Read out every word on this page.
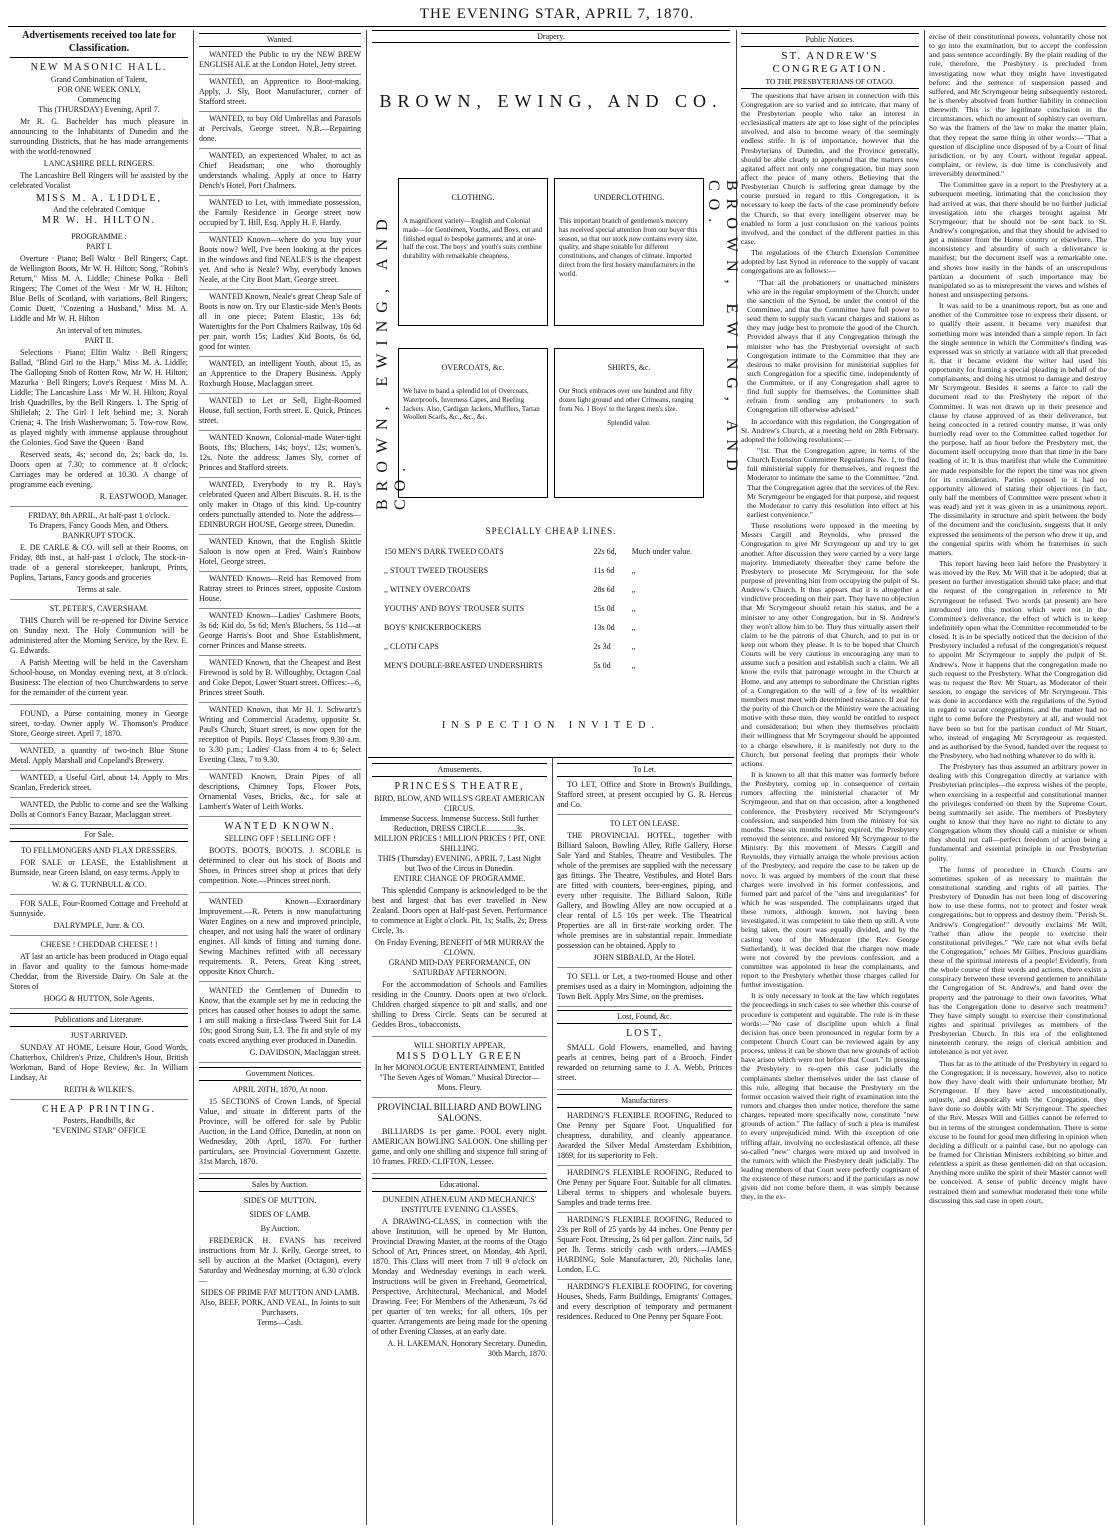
THE EVENING STAR, APRIL 7, 1870.
Advertisements received too late for Classification.
NEW MASONIC HALL.
Grand Combination of Talent,
FOR ONE WEEK ONLY,
Commencing
This (THURSDAY) Evening, April 7.
Mr R. G. Bachelder has much pleasure in announcing to the Inhabitants of Dunedin and the surrounding Districts, that he has made arrangements with the world-renowned
LANCASHIRE BELL RINGERS.
The Lancashire Bell Ringers will be assisted by the celebrated Vocalist
MISS M. A. LIDDLE,
And the celebrated Comique
MR W. H. HILTON.
PROGRAMME :
PART I.
Overture · Piano; Bell Waltz · Bell Ringers; Capt. de Wellington Boots, Mr W. H. Hilton; Song, "Robin's Return," Miss M. A. Liddle; Chinese Polka · Bell Ringers; The Comet of the West · Mr W. H. Hilton; Blue Bells of Scotland, with variations, Bell Ringers; Comic Duett, "Cozening a Husband," Miss M. A. Liddle and Mr W. H. Hilton
An interval of ten minutes.
PART II.
Selections · Piano; Elfin Waltz · Bell Ringers; Ballad, "Blind Girl to the Harp," Miss M. A. Liddle; The Galloping Snob of Rotten Row, Mr W. H. Hilton; Mazurka · Bell Ringers; Love's Request · Miss M. A. Liddle; The Lancashire Lass · Mr W. H. Hilton; Royal Irish Quadrilles, by the Bell Ringers. 1. The Sprig of Shillelah; 2. The Girl I left behind me; 3. Norah Criena; 4. The Irish Washerwoman; 5. Tow-row Row, as played nightly with immense applause throughout the Colonies. God Save the Queen · Band
Reserved seats, 4s; second do, 2s; back do, 1s. Doors open at 7.30; to commence at 8 o'clock; Carriages may be ordered at 10.30. A change of programme each evening.
R. EASTWOOD, Manager.
FRIDAY, 8th APRIL, At half-past 1 o'clock.
To Drapers, Fancy Goods Men, and Others.
BANKRUPT STOCK.
E. DE CARLE & CO. will sell at their Rooms, on Friday, 8th inst., at half-past 1 o'clock, The stock-in-trade of a general storekeeper, bankrupt, Prints, Poplins, Tartans, Fancy goods and groceries
Terms at sale.
ST. PETER'S, CAVERSHAM.
THIS Church will be re-opened for Divine Service on Sunday next. The Holy Communion will be administered after the Morning Service, by the Rev. E. G. Edwards.
A Parish Meeting will be held in the Caversham School-house, on Monday evening next, at 8 o'clock. Business: The election of two Churchwardens to serve for the remainder of the current year.
FOUND, a Purse containing money in George street, to-day. Owner apply W. Thomson's Produce Store, George street. April 7, 1870.
WANTED, a quantity of two-inch Blue Stone Metal. Apply Marshall and Copeland's Brewery.
WANTED, a Useful Girl, about 14. Apply to Mrs Scanlan, Frederick street.
WANTED, the Public to come and see the Walking Dolls at Connor's Fancy Bazaar, Maclaggan street.
For Sale.
TO FELLMONGERS AND FLAX DRESSERS.
FOR SALE or LEASE, the Establishment at Burnside, near Green Island, on easy terms. Apply to
W. & G. TURNBULL & CO.
FOR SALE, Four-Roomed Cottage and Freehold at Sunnyside.
DALRYMPLE, Junr. & CO.
CHEESE ! CHEDDAR CHEESE ! !
AT last an article has been produced in Otago equal in flavor and quality to the famous home-made Cheddar, from the Riverside Dairy. On Sale at the Stores of
HOGG & HUTTON, Sole Agents.
Publications and Literature.
JUST ARRIVED.
SUNDAY AT HOME, Leisure Hour, Good Words, Chatterbox, Children's Prize, Children's Hour, British Workman, Band of Hope Review, &c. In William Lindsay, At
REITH & WILKIE'S.
CHEAP PRINTING.
Posters, Handbills, &c
"EVENING STAR" OFFICE
Wanted.
WANTED the Public to try the NEW BREW ENGLISH ALE at the London Hotel, Jetty street.
WANTED, an Apprentice to Boot-making. Apply, J. Sly, Boot Manufacturer, corner of Stafford street.
WANTED, to buy Old Umbrellas and Parasols at Percivals, George street. N.B.—Repairing done.
WANTED, an experienced Whaler, to act as Chief Headsman; one who thoroughly understands whaling. Apply at once to Harry Dench's Hotel, Port Chalmers.
WANTED to Let, with immediate possession, the Family Residence in George street now occupied by T. Hill, Esq. Apply H. F. Hardy.
WANTED Known—where do you buy your Boots now? Well, I've been looking at the prices in the windows and find NEALE'S is the cheapest yet. And who is Neale? Why, everybody knows Neale, at the City Boot Mart, George street.
WANTED Known, Neale's great Cheap Sale of Boots is now on. Try our Elastic-side Men's Boots all in one piece; Patent Elastic, 13s 6d; Watertights for the Port Chalmers Railway, 10s 6d per pair, worth 15s; Ladies' Kid Boots, 6s 6d, good for winter.
WANTED, an intelligent Youth, about 15, as an Apprentice to the Drapery Business. Apply Roxburgh House, Maclaggan street.
WANTED to Let or Sell, Eight-Roomed House, full section, Forth street. E. Quick, Princes street.
WANTED Known, Colonial-made Water-tight Boots, 18s; Bluchers, 14s; boys', 12s; women's, 12s. Note the address: James Sly, corner of Princes and Stafford streets.
WANTED, Everybody to try R. Hay's celebrated Queen and Albert Biscuits. R. H. is the only maker in Otago of this kind. Up-country orders punctually attended to. Note the address— EDINBURGH HOUSE, George street, Dunedin.
WANTED Known, that the English Skittle Saloon is now open at Fred. Wain's Rainbow Hotel, George street.
WANTED Known—Reid has Removed from Rattray street to Princes street, opposite Custom House.
WANTED Known—Ladies' Cashmere Boots, 3s 6d; Kid do, 5s 6d; Men's Bluchers, 5s 11d—at George Harris's Boot and Shoe Establishment, corner Princes and Manse streets.
WANTED Known, that the Cheapest and Best Firewood is sold by B. Willoughby, Octagon Coal and Coke Depot, Lower Stuart street. Offices:—6, Princes street South.
WANTED Known, that Mr H. J. Schwartz's Writing and Commercial Academy, opposite St. Paul's Church, Stuart street, is now open for the reception of Pupils. Boys' Classes from 9.30 a.m. to 3.30 p.m.; Ladies' Class from 4 to 6; Select Evening Class, 7 to 9.30.
WANTED Known, Drain Pipes of all descriptions, Chimney Tops, Flower Pots, Ornamental Vases, Bricks, &c., for sale at Lambert's Water of Leith Works.
WANTED KNOWN.
SELLING OFF ! SELLING OFF !
BOOTS. BOOTS. BOOTS. J. SCOBLE is determined to clear out his stock of Boots and Shoes, in Princes street shop at prices that defy competition. Note.—Princes street north.
WANTED Known—Extraordinary Improvement.—R. Peters is now manufacturing Water Engines on a new and improved principle, cheaper, and not using half the water of ordinary engines. All kinds of fitting and turning done. Sewing Machines refitted with all necessary requirements. R. Peters, Great King street, opposite Knox Church.
WANTED the Gentlemen of Dunedin to Know, that the example set by me in reducing the prices has caused other houses to adopt the same. I am still making a first-class Tweed Suit for L4 10s; good Strong Suit, L3. The fit and style of my coats exceed anything ever produced in Dunedin.
G. DAVIDSON, Maclaggan street.
Government Notices.
APRIL 20TH, 1870, At noon.
15 SECTIONS of Crown Lands, of Special Value, and situate in different parts of the Province, will be offered for sale by Public Auction, in the Land Office, Dunedin, at noon on Wednesday, 20th April, 1870. For further particulars, see Provincial Government Gazette. 31st March, 1870.
Sales by Auction.
SIDES OF MUTTON.
SIDES OF LAMB.
By Auction.
FREDERICK H. EVANS has received instructions from Mr J. Kelly, George street, to sell by auction at the Market (Octagon), every Saturday and Wednesday morning, at 6.30 o'clock—
SIDES OF PRIME FAT MUTTON AND LAMB.
Also, BEEF, PORK, AND VEAL, In Joints to suit Purchasers.
Terms—Cash.
Drapery.
BROWN, EWING, AND CO.
BROWN, EWING, AND CO.
BROWN, EWING, AND CO.
CLOTHING.
A magnificent variety—English and Colonial made—for Gentlemen, Youths, and Boys, cut and finished equal to bespoke garments, and at one-half the cost. The boys' and youth's suits combine durability with remarkable cheapness.
UNDERCLOTHING.
This important branch of gentlemen's mercery has received special attention from our buyer this season, so that our stock now contains every size, quality, and shape suitable for different constitutions, and changes of climate. Imported direct from the first hosiery manufacturers in the world.
OVERCOATS, &c.
We have to hand a splendid lot of Overcoats, Waterproofs, Inverness Capes, and Reefing Jackets. Also, Cardigan Jackets, Mufflers, Tartan Woollen Scarfs, &c., &c., &c.
SHIRTS, &c.
Our Stock embraces over one hundred and fifty dozen light ground and other Crimeans, ranging from No. 1 Boys' to the largest men's size.
Splendid value.
SPECIALLY CHEAP LINES.
150 MEN'S DARK TWEED COATS	22s 6d,	Much under value.
,, STOUT TWEED TROUSERS	11s 6d	,,
,, WITNEY OVERCOATS	28s 6d	,,
YOUTHS' AND BOYS' TROUSER SUITS	15s 0d	,,
BOYS' KNICKERBOCKERS	13s 0d	,,
,, CLOTH CAPS	2s 3d	,,
MEN'S DOUBLE-BREASTED UNDERSHIRTS	5s 0d	,,
INSPECTION INVITED.
Amusements.
PRINCESS THEATRE,
BIRD, BLOW, AND WILLS'S GREAT AMERICAN CIRCUS.
Immense Success. Immense Success. Still further Reduction, DRESS CIRCLE...............3s.
MILLION PRICES ! MILLION PRICES ! PIT, ONE SHILLING.
THIS (Thursday) EVENING, APRIL 7, Last Night but Two of the Circus in Dunedin.
ENTIRE CHANGE OF PROGRAMME.
This splendid Company is acknowledged to be the best and largest that has ever travelled in New Zealand. Doors open at Half-past Seven. Performance to commence at Eight o'clock. Pit, 1s; Stalls, 2s; Dress Circle, 3s.
On Friday Evening, BENEFIT of MR MURRAY the CLOWN.
GRAND MID-DAY PERFORMANCE, ON SATURDAY AFTERNOON.
For the accommodation of Schools and Families residing in the Country. Doors open at two o'clock. Children charged sixpence to pit and stalls, and one shilling to Dress Circle. Seats can be secured at Geddes Bros., tobacconists.
WILL SHORTLY APPEAR,
MISS DOLLY GREEN
In her MONOLOGUE ENTERTAINMENT, Entitled "The Seven Ages of Woman." Musical Director—Mons. Fleury.
PROVINCIAL BILLIARD AND BOWLING SALOONS.
BILLIARDS 1s per game. POOL every night. AMERICAN BOWLING SALOON. One shilling per game, and only one shilling and sixpence full string of 10 frames. FRED. CLIFTON, Lessee.
Educational.
DUNEDIN ATHENÆUM AND MECHANICS' INSTITUTE EVENING CLASSES.
A DRAWING-CLASS, in connection with the above Institution, will be opened by Mr Hutton, Provincial Drawing Master, at the rooms of the Otago School of Art, Princes street, on Monday, 4th April, 1870. This Class will meet from 7 till 9 o'clock on Monday and Wednesday evenings in each week. Instructions will be given in Freehand, Geometrical, Perspective, Architectural, Mechanical, and Model Drawing. Fee; For Members of the Athenæum, 7s 6d per quarter of ten weeks; for all others, 10s per quarter. Arrangements are being made for the opening of other Evening Classes, at an early date.
A. H. LAKEMAN, Honorary Secretary. Dunedin, 30th March, 1870.
To Let.
TO LET, Office and Store in Brown's Buildings, Stafford street, at present occupied by G. R. Hercus and Co.
TO LET ON LEASE.
THE PROVINCIAL HOTEL, together with Billiard Saloon, Bowling Alley, Rifle Gallery, Horse Sale Yard and Stables, Theatre and Vestibules. The whole of the premises are supplied with the necessary gas fittings. The Theatre, Vestibules, and Hotel Bars are fitted with counters, beer-engines, piping, and every other requisite. The Billiard Saloon, Rifle Gallery, and Bowling Alley are now occupied at a clear rental of L5 10s per week. The Theatrical Properties are all in first-rate working order. The whole premises are in substantial repair. Immediate possession can be obtained. Apply to
JOHN SIBBALD, At the Hotel.
TO SELL or Let, a two-roomed House and other premises used as a dairy in Mornington, adjoining the Town Belt. Apply Mrs Sime, on the premises.
Lost, Found, &c.
LOST.
SMALL Gold Flowers, enamelled, and having pearls at centres, being part of a Brooch. Finder rewarded on returning same to J. A. Webb, Princes street.
Manufacturers
HARDING'S FLEXIBLE ROOFING, Reduced to One Penny per Square Foot. Unqualified for cheapness, durability, and cleanly appearance. Awarded the Silver Medal Amsterdam Exhibition, 1869, for its superiority to Felt.
HARDING'S FLEXIBLE ROOFING, Reduced to One Penny per Square Foot. Suitable for all climates. Liberal terms to shippers and wholesale buyers. Samples and trade terms free.
HARDING'S FLEXIBLE ROOFING, Reduced to 23s per Roll of 25 yards by 44 inches. One Penny per Square Foot. Dressing, 2s 6d per gallon. Zinc nails, 5d per lb. Terms strictly cash with orders.—JAMES HARDING, Sole Manufacturer, 20, Nicholas lane, London, E.C.
HARDING'S FLEXIBLE ROOFING, for covering Houses, Sheds, Farm Buildings, Emigrants' Cottages, and every description of temporary and permanent residences. Reduced to One Penny per Square Foot.
Public Notices.
ST. ANDREW'S CONGREGATION.
TO THE PRESBYTERIANS OF OTAGO.
The questions that have arisen in connection with this Congregation are so varied and so intricate, that many of the Presbyterian people who take an interest in ecclesiastical matters are apt to lose sight of the principles involved, and also to become weary of the seemingly endless strife. It is of importance, however that the Presbyterians of Dunedin, and the Province generally, should be able clearly to apprehend that the matters now agitated affect not only one congregation, but may soon affect the peace of many others. Believing that the Presbyterian Church is suffering great damage by the course pursued in regard to this Congregation, it is necessary to keep the facts of the case prominently before the Church, so that every intelligent observer may be enabled to form a just conclusion on the various points involved, and the conduct of the different parties in this case.
The regulations of the Church Extension Committee adopted by last Synod in reference to the supply of vacant congregations are as follows:—
"That all the probationers or unattached ministers who are in the regular employment of the Church, under the sanction of the Synod, be under the control of the Committee, and that the Committee have full power to send them to supply such vacant charges and stations as they may judge best to promote the good of the Church. Provided always that if any Congregation through the minister who has the Presbyterial oversight of such Congregation intimate to the Committee that they are desirous to make provision for ministerial supplies for such Congregation for a specific time, independently of the Committee, or if any Congregation shall agree to find full supply for themselves, the Committee shall refrain from sending any probationers to such Congregation till otherwise advised."
In accordance with this regulation, the Congregation of St. Andrew's Church, at a meeting held on 28th February, adopted the following resolutions:—
"1st. That the Congregation agree, in terms of the Church Extension Committee Regulations No. 1, to find full ministerial supply for themselves, and request the Moderator to intimate the same to the Committee. "2nd. That the Congregation agree that the services of the Rev. Mr Scrymgeour be engaged for that purpose, and request the Moderator to carry this resolution into effect at his earliest convenience."
These resolutions were opposed in the meeting by Messrs Cargill and Reynolds, who pressed the Congregation to give Mr Scrymgeour up and try to get another. After discussion they were carried by a very large majority. Immediately thereafter they came before the Presbytery to prosecute Mr Scrymgeour, for the sole purpose of preventing him from occupying the pulpit of St. Andrew's Church. It thus appears that it is altogether a vindictive proceeding on their part. They have no objection that Mr Scrymgeour should retain his status, and be a minister to any other Congregation, but in St. Andrew's they won't allow him to be. They thus virtually assert their claim to be the patrons of that Church, and to put in or keep out whom they please. It is to be hoped that Church Courts will be very cautious in encouraging any man to assume such a position and establish such a claim. We all know the evils that patronage wrought in the Church at Home, and any attempt to subordinate the Christian rights of a Congregation to the will of a few of its wealthier members must meet with determined resistance. If zeal for the purity of the Church or the Ministry were the actuating motive with these men, they would be entitled to respect and consideration; but when they themselves proclaim their willingness that Mr Scrymgeour should be appointed to a charge elsewhere, it is manifestly not duty to the Church, but personal feeling that prompts their whole actions.
It is known to all that this matter was formerly before the Presbytery, coming up in consequence of certain rumors affecting the ministerial character of Mr Scrymgeour, and that on that occasion, after a lengthened conference, the Presbytery received Mr Scrymgeour's confession, and suspended him from the ministry for six months. These six months having expired, the Presbytery removed the sentence, and restored Mr Scrymgeour to the Ministry. By this movement of Messrs Cargill and Reynolds, they virtually arraign the whole previous action of the Presbytery, and require the case to be taken up de novo. It was argued by members of the court that these charges were involved in his former confessions, and formed part and parcel of the "sins and irregularities" for which he was suspended. The complainants urged that these rumors, although known, not having been investigated, it was competent to take them up still. A vote being taken, the court was equally divided, and by the casting vote of the Moderator (the Rev. George Sutherland), it was decided that the charges now made were not covered by the previous confession, and a committee was appointed to hear the complainants, and report to the Presbytery whether those charges called for further investigation.
It is only necessary to look at the law which regulates the proceedings in such cases to see whether this course of procedure is competent and equitable. The rule is in these words:—"No case of discipline upon which a final decision has once been pronounced in regular form by a competent Church Court can be reviewed again by any process, unless it can be shown that new grounds of action have arisen which were not before that Court." In pressing the Presbytery to re-open this case judicially the complainants shelter themselves under the last clause of this rule, alleging that because the Presbytery on the former occasion waived their right of examination into the rumors and charges then under notice, therefore the same charges, repeated more specifically now, constitute "new grounds of action." The fallacy of such a plea is manifest to every unprejudiced mind. With the exception of one trifling affair, involving no ecclesiastical offence, all these so-called "new" charges were mixed up and involved in the rumors with which the Presbytery dealt judicially. The leading members of that Court were perfectly cognisant of the existence of these rumors; and if the particulars as now given did not come before them, it was simply because they, in the ex-
ercise of their constitutional powers, voluntarily chose not to go into the examination, but to accept the confession and pass sentence accordingly. By the plain reading of the rule, therefore, the Presbytery is precluded from investigating now what they might have investigated before; and the sentence of suspension passed and suffered, and Mr Scrymgeour being subsequently restored, he is thereby absolved from further liability in connection therewith. This is the legitimate conclusion in the circumstances, which no amount of sophistry can overturn. So was the framers of the law to make the matter plain, that they repeat the same thing in other words:—"That a question of discipline once disposed of by a Court of final jurisdiction, or by any Court, without regular appeal, complaint, or review, is due time is conclusively and irreversibly determined."
The Committee gave in a report to the Presbytery at a subsequent meeting, intimating that the conclusion they had arrived at was, that there should be no further judicial investigation into the charges brought against Mr Scrymgeour; that he should not be sent back to St. Andrew's congregation, and that they should be advised to get a minister from the Home country or elsewhere. The inconsistency and absurdity of such a deliverance is manifest; but the document itself was a remarkable one, and shows how easily in the hands of an unscrupulous partizan a document of such importance may be manipulated so as to misrepresent the views and wishes of honest and unsuspecting persons.
It was said to be a unanimous report, but as one and another of the Committee rose to express their dissent, or to qualify their assent, it became very manifest that something more was intended than a simple report. In fact the single sentence in which the Committee's finding was expressed was so strictly at variance with all that preceded it, that it became evident the writer had used his opportunity for framing a special pleading in behalf of the complainants, and doing his utmost to damage and destroy Mr Scrymgeour. Besides it seems a farce to call the document read to the Presbytery the report of the Committee. It was not drawn up in their presence and clause by clause approved of as their deliverance, but being concocted in a retired country manse, it was only hurriedly read over to the Committee called together for the purpose, half an hour before the Presbytery met, the document itself occupying more than that time in the bare reading of it. It is thus manifest that while the Committee are made responsible for the report the time was not given for its consideration. Parties opposed to it had no opportunity allowed of stating their objections (in fact, only half the members of Committee were present when it was read) and yet it was given in as a unanimous report. The dissimilarity in structure and spirit between the body of the document and the conclusion, suggests that it only expressed the sentiments of the person who drew it up, and the congenial spirits with whom he fraternises in such matters.
This report having been laid before the Presbytery it was moved by the Rev. Mr Will that it be adopted; that at present no further investigation should take place; and that the request of the congregation in reference to Mr Scrymgeour be refused. Two words (at present) are here introduced into this motion which were not in the Committee's deliverance, the effect of which is to keep indefinitely open what the Committee recommended to be closed. It is to be specially noticed that the decision of the Presbytery included a refusal of the congregation's request to appoint Mr Scrymgeour to supply the pulpit of St. Andrew's. Now it happens that the congregation made no such request to the Presbytery. What the Congregation did was to request the Rev. Mr Stuart, as Moderator of their session, to engage the services of Mr Scrymgeour. This was done in accordance with the regulations of the Synod in regard to vacant congregations, and the matter had no right to come before the Presbytery at all, and would not have been so but for the partisan conduct of Mr Stuart, who, instead of engaging Mr Scrymgeour as requested, and as authorised by the Synod, handed over the request to the Presbytery, who had nothing whatever to do with it.
The Presbytery has thus assumed an arbitrary power in dealing with this Congregation directly at variance with Presbyterian principles—the express wishes of the people, when exercising in a respectful and constitutional manner the privileges conferred on them by the Supreme Court, being summarily set aside. The members of Presbytery ought to know that they have no right to dictate to any Congregation whom they should call a minister or whom they should not call—perfect freedom of action being a fundamental and essential principle in our Presbyterian polity.
The forms of procedure in Church Courts are sometimes spoken of as necessary to maintain the constitutional standing and rights of all parties. The Presbytery of Dunedin has not been long of discovering how to use these forms, not to protect and foster weak congregations, but to oppress and destroy them. "Perish St. Andrew's Congregation!" devoutly exclaims Mr Will, "rather than allow the people to exercise their constitutional privileges." "We care not what evils befal the Congregation," echoes Mr Gillies. Precious guardians these of the spiritual interests of a people! Evidently, from the whole course of their words and actions, there exists a conspiracy between these reverend gentlemen to annihilate the Congregation of St. Andrew's, and hand over the property and the patronage to their own favorites. What has the Congregation done to deserve such treatment? They have simply sought to exercise their constitutional rights and spiritual privileges as members of the Presbyterian Church. In this era of the enlightened nineteenth century, the reign of clerical ambition and intolerance is not yet over.
Thus far as to the attitude of the Presbytery in regard to the Congregation; it is necessary, however, also to notice how they have dealt with their unfortunate brother, Mr Scrymgeour. If they have acted unconstitutionally, unjustly, and despotically with the Congregation, they have done so doubly with Mr Scrymgeour. The speeches of the Rev. Messrs Will and Gillies cannot be referred to but in terms of the strongest condemnation. There is some excuse to be found for good men differing in opinion when deciding a difficult or a painful case, but no apology can be framed for Christian Ministers exhibiting so bitter and relentless a spirit as these gentlemen did on that occasion. Anything more unlike the spirit of their Master cannot well be conceived. A sense of public decency might have restrained them and somewhat moderated their tone while discussing this sad case in open court,
